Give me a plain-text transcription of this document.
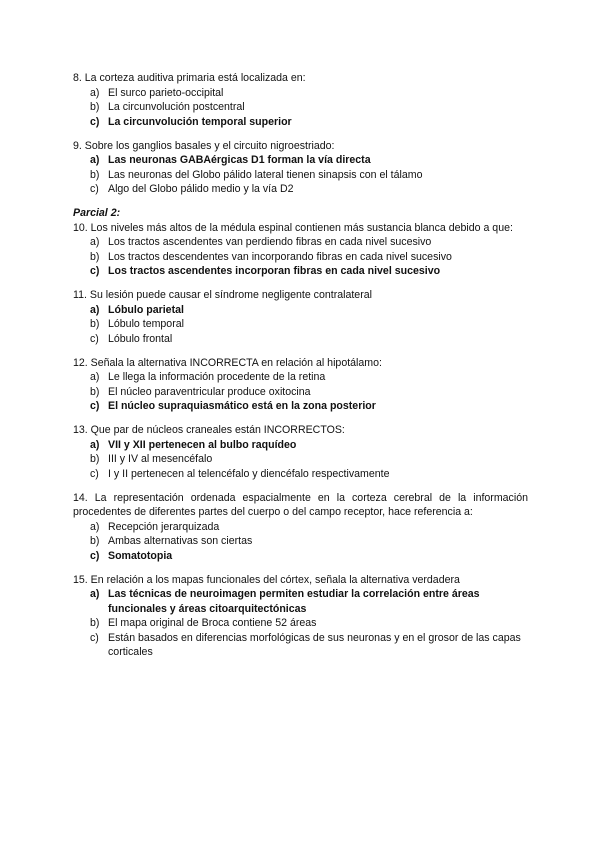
8. La corteza auditiva primaria está localizada en:

a) El surco parieto-occipital
b) La circunvolución postcentral
c) La circunvolución temporal superior

9. Sobre los ganglios basales y el circuito nigroestriado:

a) Las neuronas GABAérgicas D1 forman la vía directa
b) Las neuronas del Globo pálido lateral tienen sinapsis con el tálamo
c) Algo del Globo pálido medio y la vía D2

Parcial 2:

10. Los niveles más altos de la médula espinal contienen más sustancia blanca debido a que:

a) Los tractos ascendentes van perdiendo fibras en cada nivel sucesivo
b) Los tractos descendentes van incorporando fibras en cada nivel sucesivo
c) Los tractos ascendentes incorporan fibras en cada nivel sucesivo

11. Su lesión puede causar el síndrome negligente contralateral

a) Lóbulo parietal
b) Lóbulo temporal
c) Lóbulo frontal

12. Señala la alternativa INCORRECTA en relación al hipotálamo:

a) Le llega la información procedente de la retina
b) El núcleo paraventricular produce oxitocina
c) El núcleo supraquiasmático está en la zona posterior

13. Que par de núcleos craneales están INCORRECTOS:

a) VII y XII pertenecen al bulbo raquídeo
b) III y IV al mesencéfalo
c) I y II pertenecen al telencéfalo y diencéfalo respectivamente

14. La representación ordenada espacialmente en la corteza cerebral de la información procedentes de diferentes partes del cuerpo o del campo receptor, hace referencia a:

a) Recepción jerarquizada
b) Ambas alternativas son ciertas
c) Somatotopia

15. En relación a los mapas funcionales del córtex, señala la alternativa verdadera

a) Las técnicas de neuroimagen permiten estudiar la correlación entre áreas funcionales y áreas citoarquitectónicas
b) El mapa original de Broca contiene 52 áreas
c) Están basados en diferencias morfológicas de sus neuronas y en el grosor de las capas corticales
